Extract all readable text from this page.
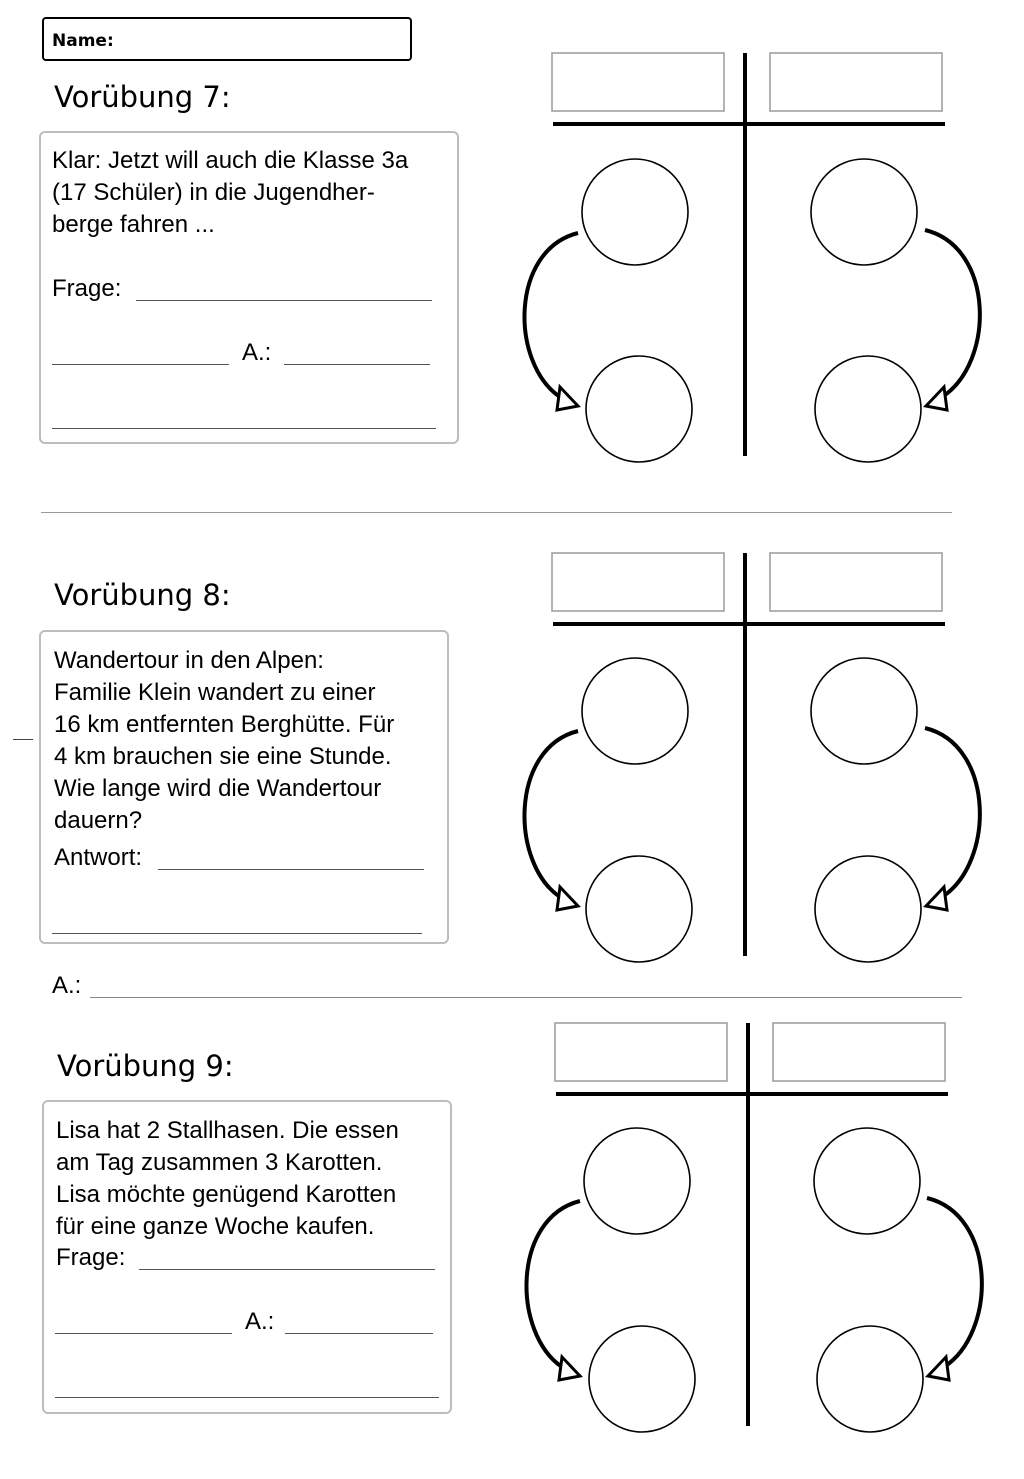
Name:
Vorübung 7:
Klar: Jetzt will auch die Klasse 3a
(17 Schüler) in die Jugendher-
berge fahren ...
Frage:
A.:
Vorübung 8:
Wandertour in den Alpen:
Familie Klein wandert zu einer
16 km entfernten Berghütte. Für
4 km brauchen sie eine Stunde.
Wie lange wird die Wandertour
dauern?
Antwort:
A.:
Vorübung 9:
Lisa hat 2 Stallhasen. Die essen
am Tag zusammen 3 Karotten.
Lisa möchte genügend Karotten
für eine ganze Woche kaufen.
Frage:
A.:
